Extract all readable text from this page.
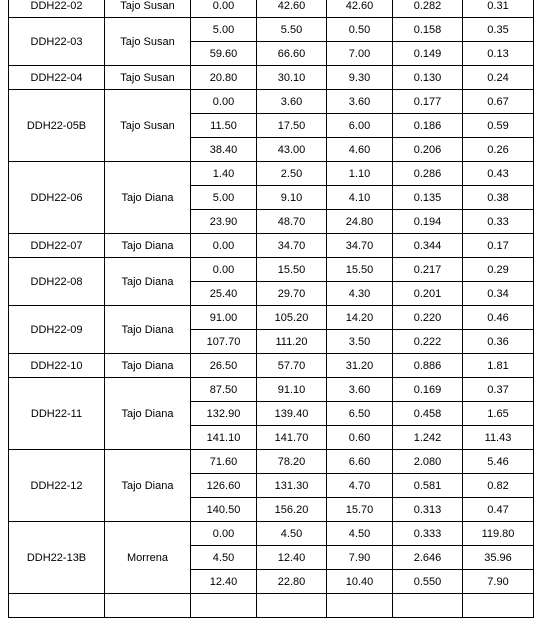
DDH22-02	Tajo Susan	0.00	42.60	42.60	0.282	0.31
DDH22-03	Tajo Susan	5.00	5.50	0.50	0.158	0.35
		59.60	66.60	7.00	0.149	0.13
DDH22-04	Tajo Susan	20.80	30.10	9.30	0.130	0.24
DDH22-05B	Tajo Susan	0.00	3.60	3.60	0.177	0.67
		11.50	17.50	6.00	0.186	0.59
		38.40	43.00	4.60	0.206	0.26
DDH22-06	Tajo Diana	1.40	2.50	1.10	0.286	0.43
		5.00	9.10	4.10	0.135	0.38
		23.90	48.70	24.80	0.194	0.33
DDH22-07	Tajo Diana	0.00	34.70	34.70	0.344	0.17
DDH22-08	Tajo Diana	0.00	15.50	15.50	0.217	0.29
		25.40	29.70	4.30	0.201	0.34
DDH22-09	Tajo Diana	91.00	105.20	14.20	0.220	0.46
		107.70	111.20	3.50	0.222	0.36
DDH22-10	Tajo Diana	26.50	57.70	31.20	0.886	1.81
DDH22-11	Tajo Diana	87.50	91.10	3.60	0.169	0.37
		132.90	139.40	6.50	0.458	1.65
		141.10	141.70	0.60	1.242	11.43
DDH22-12	Tajo Diana	71.60	78.20	6.60	2.080	5.46
		126.60	131.30	4.70	0.581	0.82
		140.50	156.20	15.70	0.313	0.47
DDH22-13B	Morrena	0.00	4.50	4.50	0.333	119.80
		4.50	12.40	7.90	2.646	35.96
		12.40	22.80	10.40	0.550	7.90
